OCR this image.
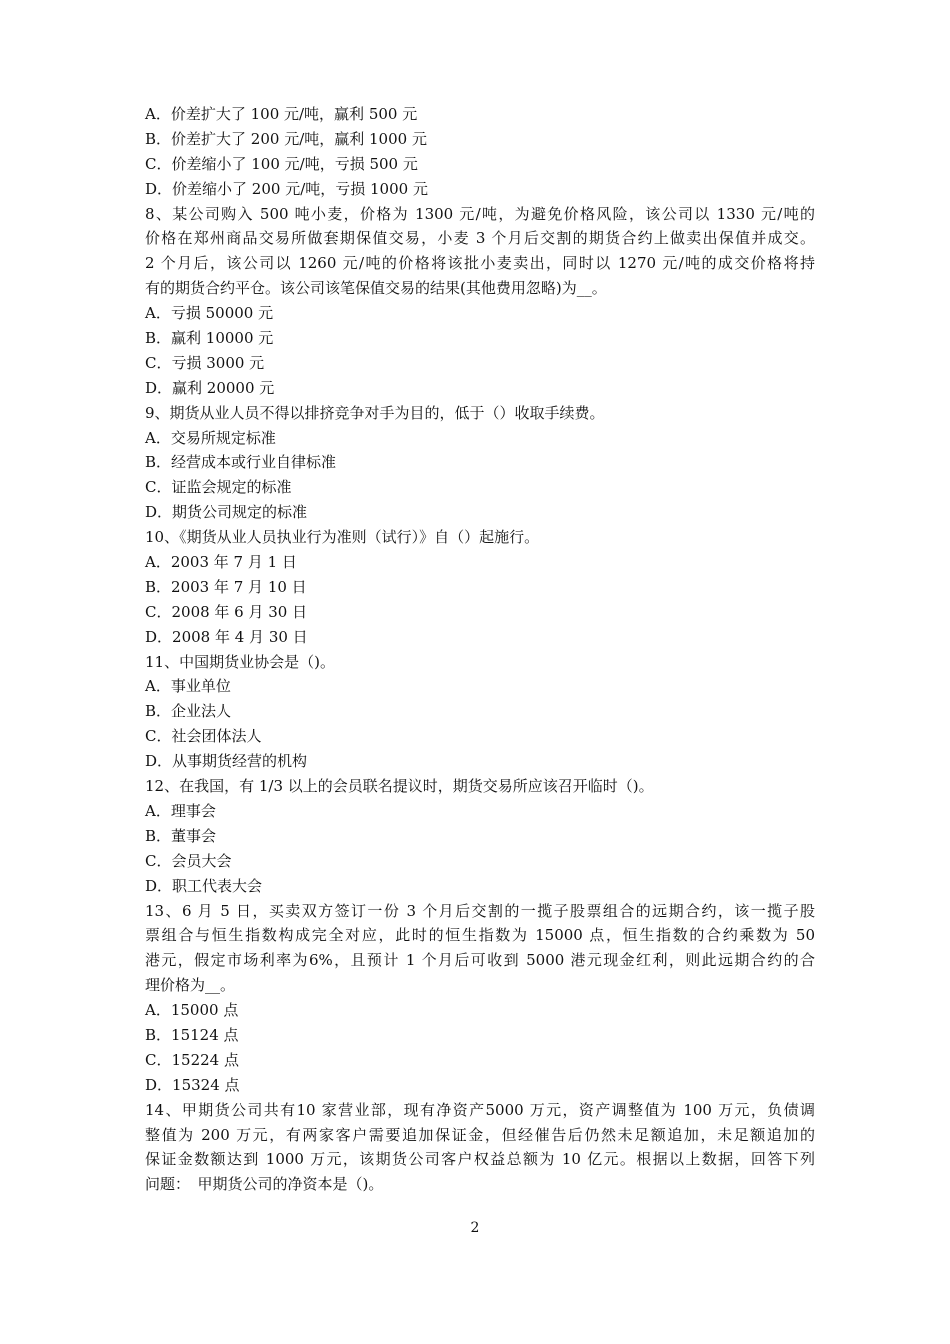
A．价差扩大了 100 元/吨，赢利 500 元
B．价差扩大了 200 元/吨，赢利 1000 元
C．价差缩小了 100 元/吨，亏损 500 元
D．价差缩小了 200 元/吨，亏损 1000 元
8、某公司购入 500 吨小麦，价格为 1300 元/吨，为避免价格风险，该公司以 1330 元/吨的
价格在郑州商品交易所做套期保值交易，小麦 3 个月后交割的期货合约上做卖出保值并成交。
2 个月后，该公司以 1260 元/吨的价格将该批小麦卖出，同时以 1270 元/吨的成交价格将持
有的期货合约平仓。该公司该笔保值交易的结果(其他费用忽略)为__。
A．亏损 50000 元
B．赢利 10000 元
C．亏损 3000 元
D．赢利 20000 元
9、期货从业人员不得以排挤竞争对手为目的，低于（）收取手续费。
A．交易所规定标准
B．经营成本或行业自律标准
C．证监会规定的标准
D．期货公司规定的标准
10、《期货从业人员执业行为准则（试行）》自（）起施行。
A．2003 年 7 月 1 日
B．2003 年 7 月 10 日
C．2008 年 6 月 30 日
D．2008 年 4 月 30 日
11、中国期货业协会是（)。
A．事业单位
B．企业法人
C．社会团体法人
D．从事期货经营的机构
12、在我国，有 1/3 以上的会员联名提议时，期货交易所应该召开临时（)。
A．理事会
B．董事会
C．会员大会
D．职工代表大会
13、6 月 5 日，买卖双方签订一份 3 个月后交割的一揽子股票组合的远期合约，该一揽子股
票组合与恒生指数构成完全对应，此时的恒生指数为 15000 点，恒生指数的合约乘数为 50
港元，假定市场利率为6%，且预计 1 个月后可收到 5000 港元现金红利，则此远期合约的合
理价格为__。
A．15000 点
B．15124 点
C．15224 点
D．15324 点
14、甲期货公司共有10 家营业部，现有净资产5000 万元，资产调整值为 100 万元，负债调
整值为 200 万元，有两家客户需要追加保证金，但经催告后仍然未足额追加，未足额追加的
保证金数额达到 1000 万元，该期货公司客户权益总额为 10 亿元。根据以上数据，回答下列
问题：　甲期货公司的净资本是（)。
2
